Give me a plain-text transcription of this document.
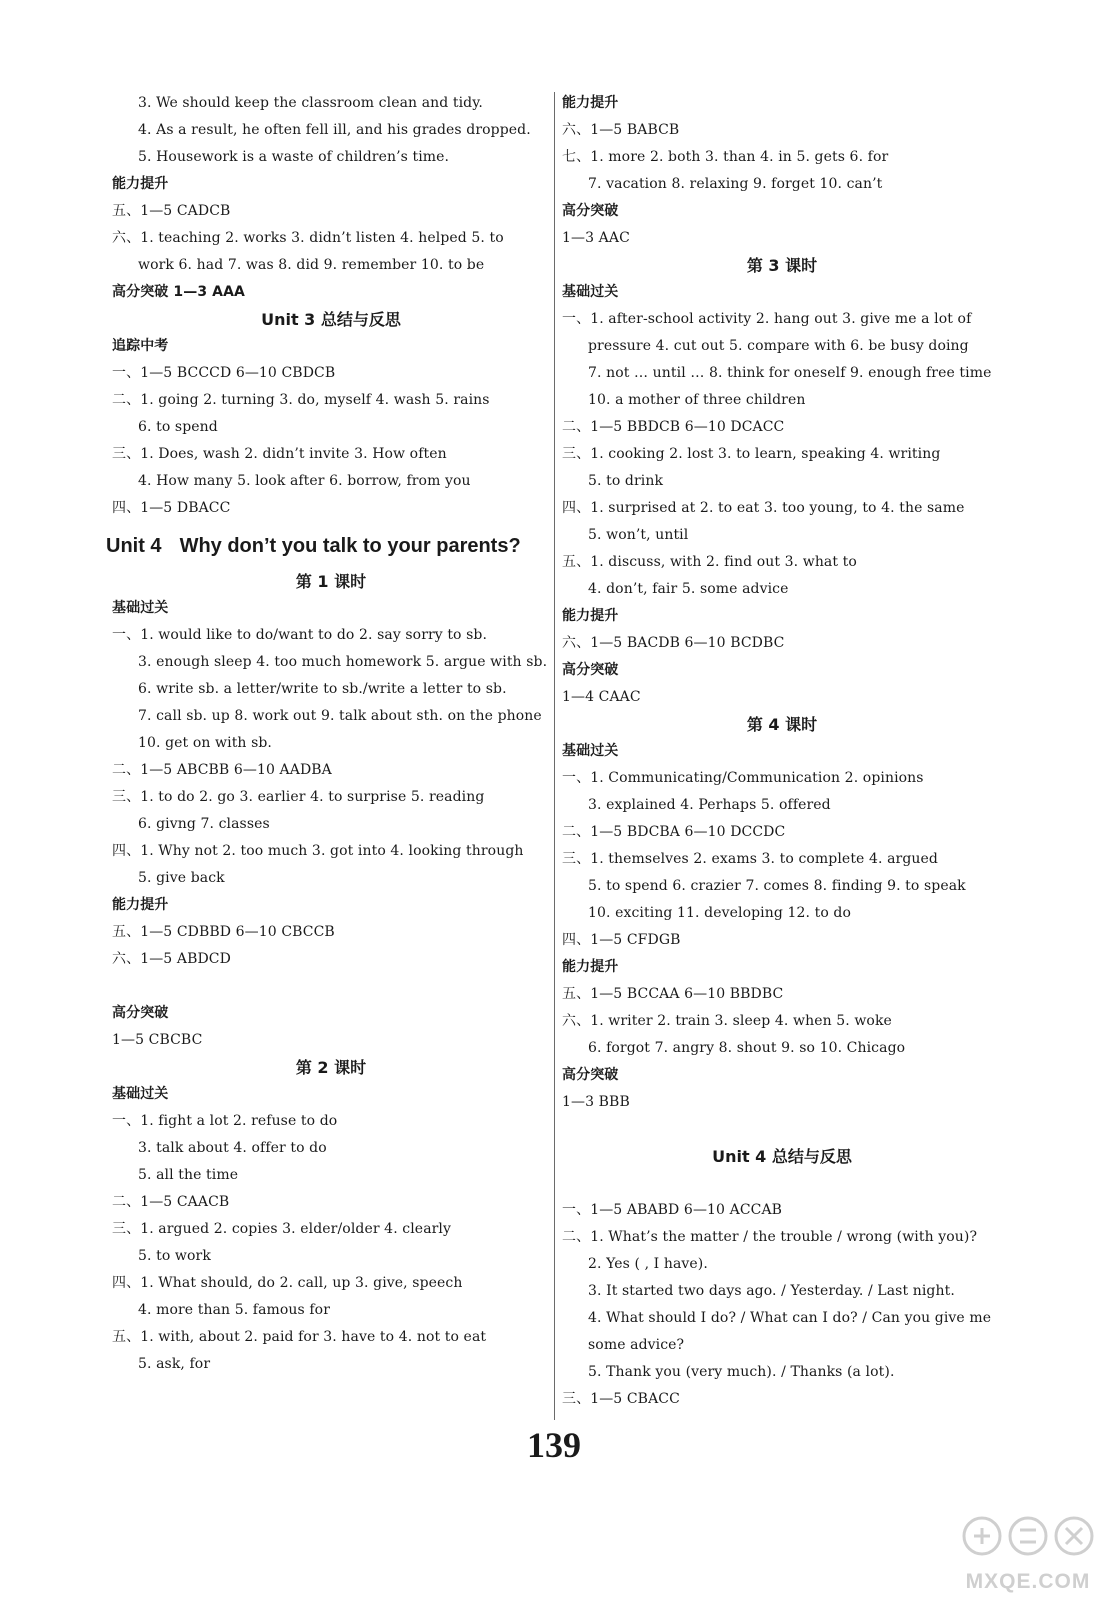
3. We should keep the classroom clean and tidy.
4. As a result, he often fell ill, and his grades dropped.
5. Housework is a waste of children’s time.
能力提升
五、1—5 CADCB
六、1. teaching 2. works 3. didn’t listen 4. helped 5. to
work 6. had 7. was 8. did 9. remember 10. to be
高分突破 1—3 AAA
Unit 3 总结与反思
追踪中考
一、1—5 BCCCD 6—10 CBDCB
二、1. going 2. turning 3. do, myself 4. wash 5. rains
6. to spend
三、1. Does, wash 2. didn’t invite 3. How often
4. How many 5. look after 6. borrow, from you
四、1—5 DBACC
Unit 4 Why don’t you talk to your parents?
第 1 课时
基础过关
一、1. would like to do/want to do 2. say sorry to sb.
3. enough sleep 4. too much homework 5. argue with sb.
6. write sb. a letter/write to sb./write a letter to sb.
7. call sb. up 8. work out 9. talk about sth. on the phone
10. get on with sb.
二、1—5 ABCBB 6—10 AADBA
三、1. to do 2. go 3. earlier 4. to surprise 5. reading
6. givng 7. classes
四、1. Why not 2. too much 3. got into 4. looking through
5. give back
能力提升
五、1—5 CDBBD 6—10 CBCCB
六、1—5 ABDCD

高分突破
1—5 CBCBC
第 2 课时
基础过关
一、1. fight a lot 2. refuse to do
3. talk about 4. offer to do
5. all the time
二、1—5 CAACB
三、1. argued 2. copies 3. elder/older 4. clearly
5. to work
四、1. What should, do 2. call, up 3. give, speech
4. more than 5. famous for
五、1. with, about 2. paid for 3. have to 4. not to eat
5. ask, for
能力提升
六、1—5 BABCB
七、1. more 2. both 3. than 4. in 5. gets 6. for
7. vacation 8. relaxing 9. forget 10. can’t
高分突破
1—3 AAC
第 3 课时
基础过关
一、1. after-school activity 2. hang out 3. give me a lot of
pressure 4. cut out 5. compare with 6. be busy doing
7. not … until … 8. think for oneself 9. enough free time
10. a mother of three children
二、1—5 BBDCB 6—10 DCACC
三、1. cooking 2. lost 3. to learn, speaking 4. writing
5. to drink
四、1. surprised at 2. to eat 3. too young, to 4. the same
5. won’t, until
五、1. discuss, with 2. find out 3. what to
4. don’t, fair 5. some advice
能力提升
六、1—5 BACDB 6—10 BCDBC
高分突破
1—4 CAAC
第 4 课时
基础过关
一、1. Communicating/Communication 2. opinions
3. explained 4. Perhaps 5. offered
二、1—5 BDCBA 6—10 DCCDC
三、1. themselves 2. exams 3. to complete 4. argued
5. to spend 6. crazier 7. comes 8. finding 9. to speak
10. exciting 11. developing 12. to do
四、1—5 CFDGB
能力提升
五、1—5 BCCAA 6—10 BBDBC
六、1. writer 2. train 3. sleep 4. when 5. woke
6. forgot 7. angry 8. shout 9. so 10. Chicago
高分突破
1—3 BBB

Unit 4 总结与反思

一、1—5 ABABD 6—10 ACCAB
二、1. What’s the matter / the trouble / wrong (with you)?
2. Yes ( , I have).
3. It started two days ago. / Yesterday. / Last night.
4. What should I do? / What can I do? / Can you give me
some advice?
5. Thank you (very much). / Thanks (a lot).
三、1—5 CBACC
139
MXQE.COM
